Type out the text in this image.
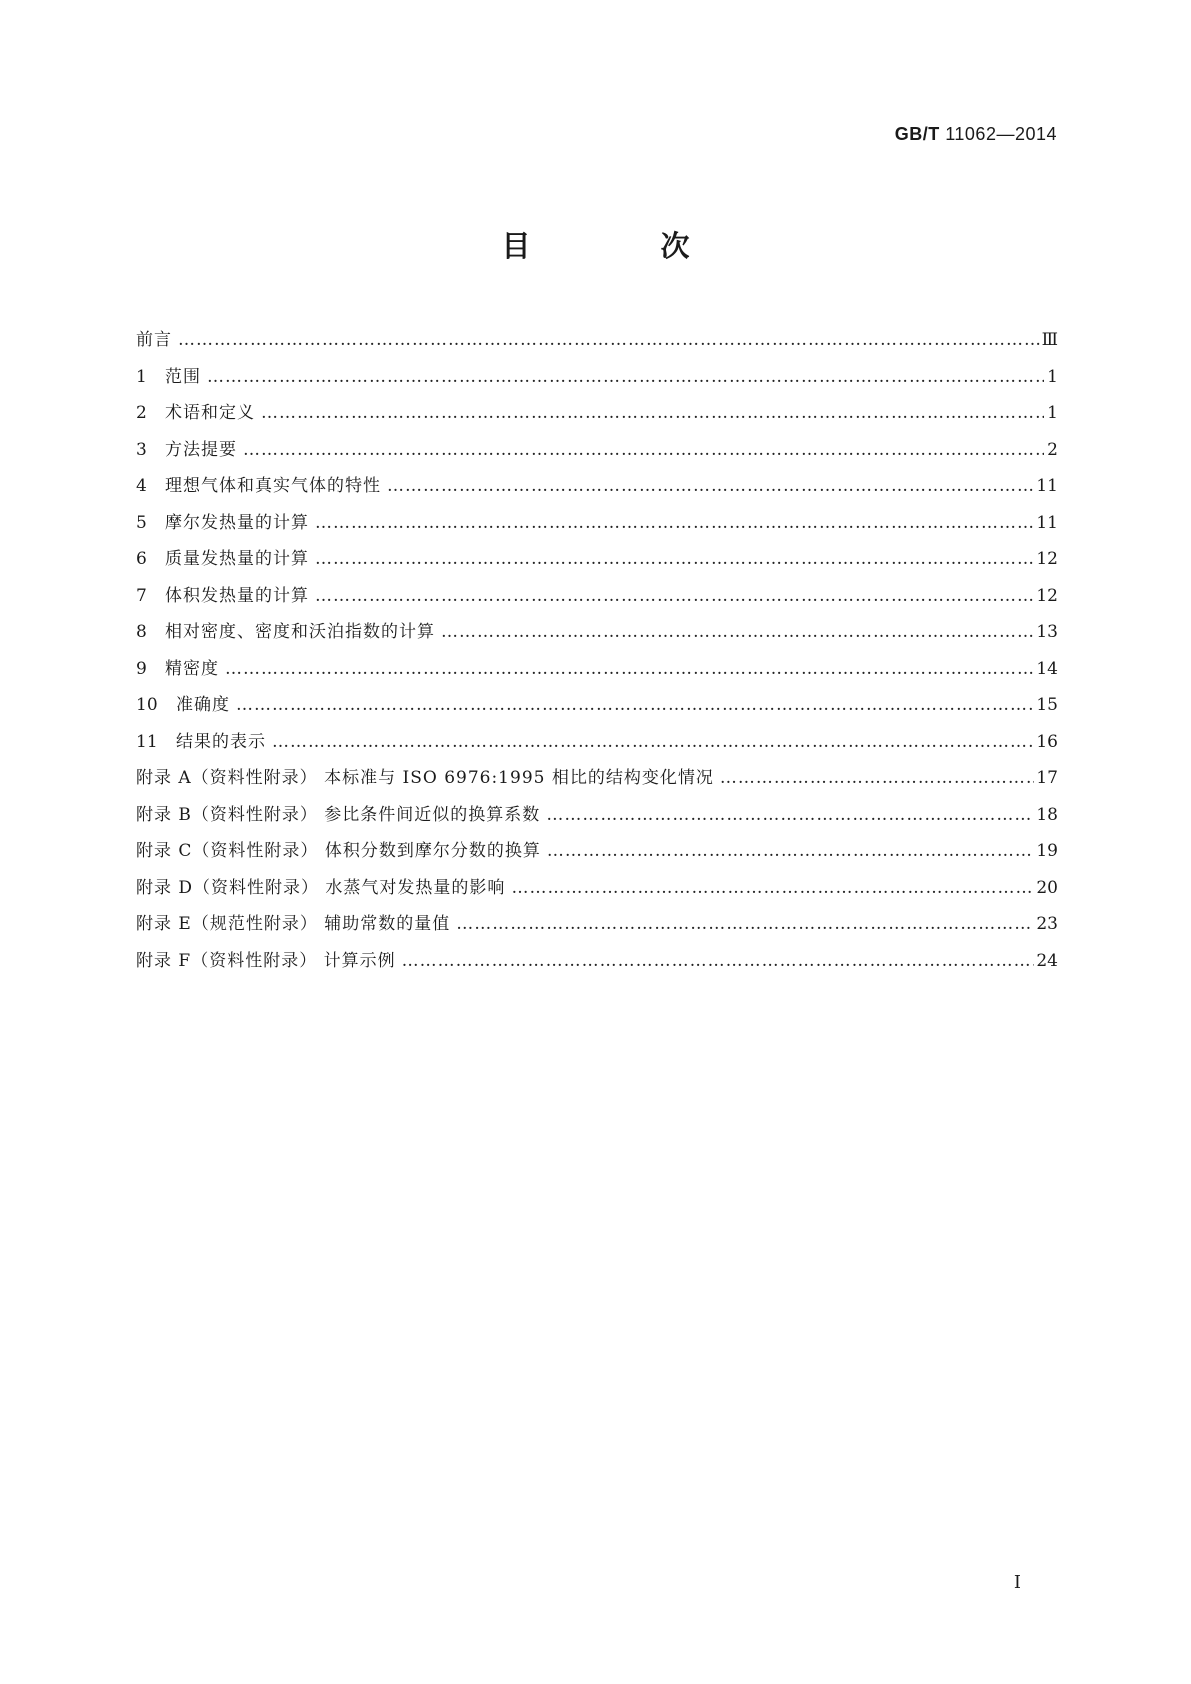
GB/T 11062—2014
目 次
前言 ………………………………………………………………………………………………………………………………………………………………………………………………………………………………	Ⅲ
1	范围 ………………………………………………………………………………………………………………………………………………………………………………………………………………………………	1
2	术语和定义 ………………………………………………………………………………………………………………………………………………………………………………………………………………………………	1
3	方法提要 ………………………………………………………………………………………………………………………………………………………………………………………………………………………………	2
4	理想气体和真实气体的特性 ………………………………………………………………………………………………………………………………………………………………………………………………………………………………	11
5	摩尔发热量的计算 ………………………………………………………………………………………………………………………………………………………………………………………………………………………………	11
6	质量发热量的计算 ………………………………………………………………………………………………………………………………………………………………………………………………………………………………	12
7	体积发热量的计算 ………………………………………………………………………………………………………………………………………………………………………………………………………………………………	12
8	相对密度、密度和沃泊指数的计算 ………………………………………………………………………………………………………………………………………………………………………………………………………………………………	13
9	精密度 ………………………………………………………………………………………………………………………………………………………………………………………………………………………………	14
10	准确度 ………………………………………………………………………………………………………………………………………………………………………………………………………………………………	15
11	结果的表示 ………………………………………………………………………………………………………………………………………………………………………………………………………………………………	16
附录 A（资料性附录） 本标准与 ISO 6976:1995 相比的结构变化情况 ………………………………………………………………………………………………………………………………………………………………………………………………………………………………	17
附录 B（资料性附录） 参比条件间近似的换算系数 ………………………………………………………………………………………………………………………………………………………………………………………………………………………………	18
附录 C（资料性附录） 体积分数到摩尔分数的换算 ………………………………………………………………………………………………………………………………………………………………………………………………………………………………	19
附录 D（资料性附录） 水蒸气对发热量的影响 ………………………………………………………………………………………………………………………………………………………………………………………………………………………………	20
附录 E（规范性附录） 辅助常数的量值 ………………………………………………………………………………………………………………………………………………………………………………………………………………………………	23
附录 F（资料性附录） 计算示例 ………………………………………………………………………………………………………………………………………………………………………………………………………………………………	24
I
